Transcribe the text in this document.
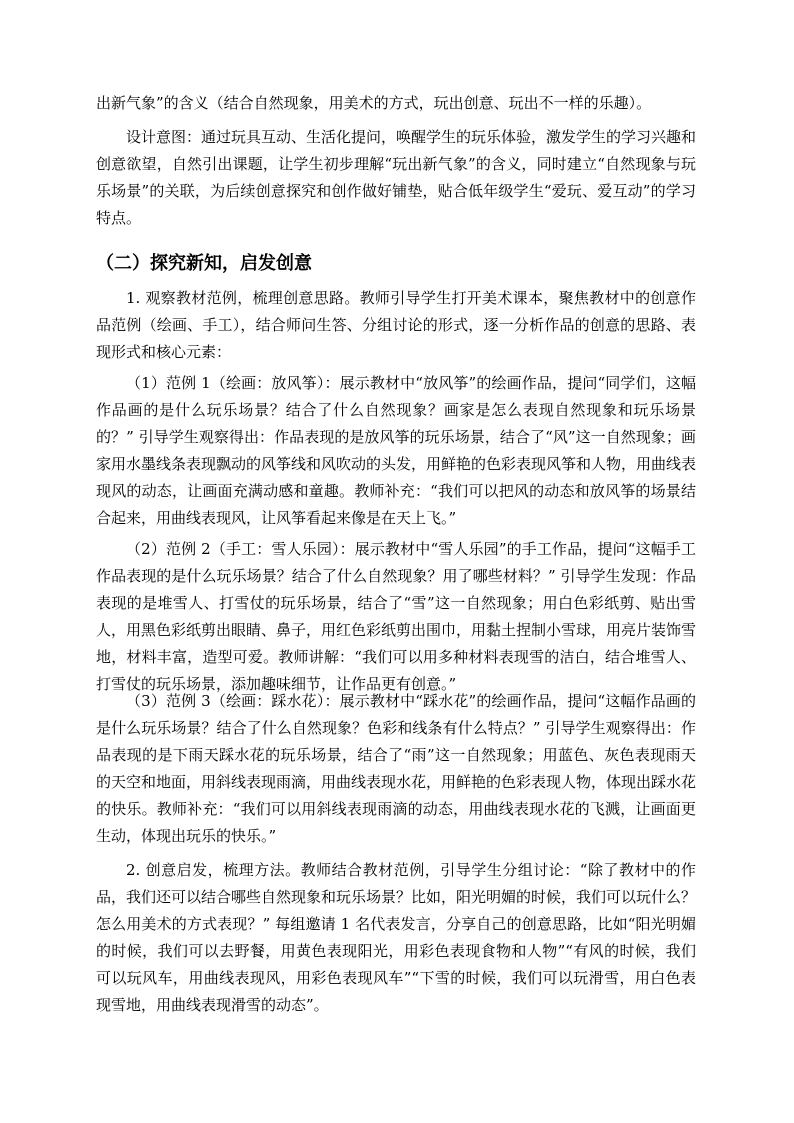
出新气象”的含义（结合自然现象，用美术的方式，玩出创意、玩出不一样的乐趣）。

设计意图：通过玩具互动、生活化提问，唤醒学生的玩乐体验，激发学生的学习兴趣和创意欲望，自然引出课题，让学生初步理解“玩出新气象”的含义，同时建立“自然现象与玩乐场景”的关联，为后续创意探究和创作做好铺垫，贴合低年级学生“爱玩、爱互动”的学习特点。

（二）探究新知，启发创意

1. 观察教材范例，梳理创意思路。教师引导学生打开美术课本，聚焦教材中的创意作品范例（绘画、手工），结合师问生答、分组讨论的形式，逐一分析作品的创意的思路、表现形式和核心元素：

（1）范例 1（绘画：放风筝）：展示教材中“放风筝”的绘画作品，提问“同学们，这幅作品画的是什么玩乐场景？结合了什么自然现象？画家是怎么表现自然现象和玩乐场景的？” 引导学生观察得出：作品表现的是放风筝的玩乐场景，结合了“风”这一自然现象；画家用水墨线条表现飘动的风筝线和风吹动的头发，用鲜艳的色彩表现风筝和人物，用曲线表现风的动态，让画面充满动感和童趣。教师补充：“我们可以把风的动态和放风筝的场景结合起来，用曲线表现风，让风筝看起来像是在天上飞。”

（2）范例 2（手工：雪人乐园）：展示教材中“雪人乐园”的手工作品，提问“这幅手工作品表现的是什么玩乐场景？结合了什么自然现象？用了哪些材料？” 引导学生发现：作品表现的是堆雪人、打雪仗的玩乐场景，结合了“雪”这一自然现象；用白色彩纸剪、贴出雪人，用黑色彩纸剪出眼睛、鼻子，用红色彩纸剪出围巾，用黏土捏制小雪球，用亮片装饰雪地，材料丰富，造型可爱。教师讲解：“我们可以用多种材料表现雪的洁白，结合堆雪人、打雪仗的玩乐场景，添加趣味细节，让作品更有创意。”

（3）范例 3（绘画：踩水花）：展示教材中“踩水花”的绘画作品，提问“这幅作品画的是什么玩乐场景？结合了什么自然现象？色彩和线条有什么特点？” 引导学生观察得出：作品表现的是下雨天踩水花的玩乐场景，结合了“雨”这一自然现象；用蓝色、灰色表现雨天的天空和地面，用斜线表现雨滴，用曲线表现水花，用鲜艳的色彩表现人物，体现出踩水花的快乐。教师补充：“我们可以用斜线表现雨滴的动态，用曲线表现水花的飞溅，让画面更生动，体现出玩乐的快乐。”

2. 创意启发，梳理方法。教师结合教材范例，引导学生分组讨论：“除了教材中的作品，我们还可以结合哪些自然现象和玩乐场景？比如，阳光明媚的时候，我们可以玩什么？怎么用美术的方式表现？” 每组邀请 1 名代表发言，分享自己的创意思路，比如“阳光明媚的时候，我们可以去野餐，用黄色表现阳光，用彩色表现食物和人物”“有风的时候，我们可以玩风车，用曲线表现风，用彩色表现风车”“下雪的时候，我们可以玩滑雪，用白色表现雪地，用曲线表现滑雪的动态”。
